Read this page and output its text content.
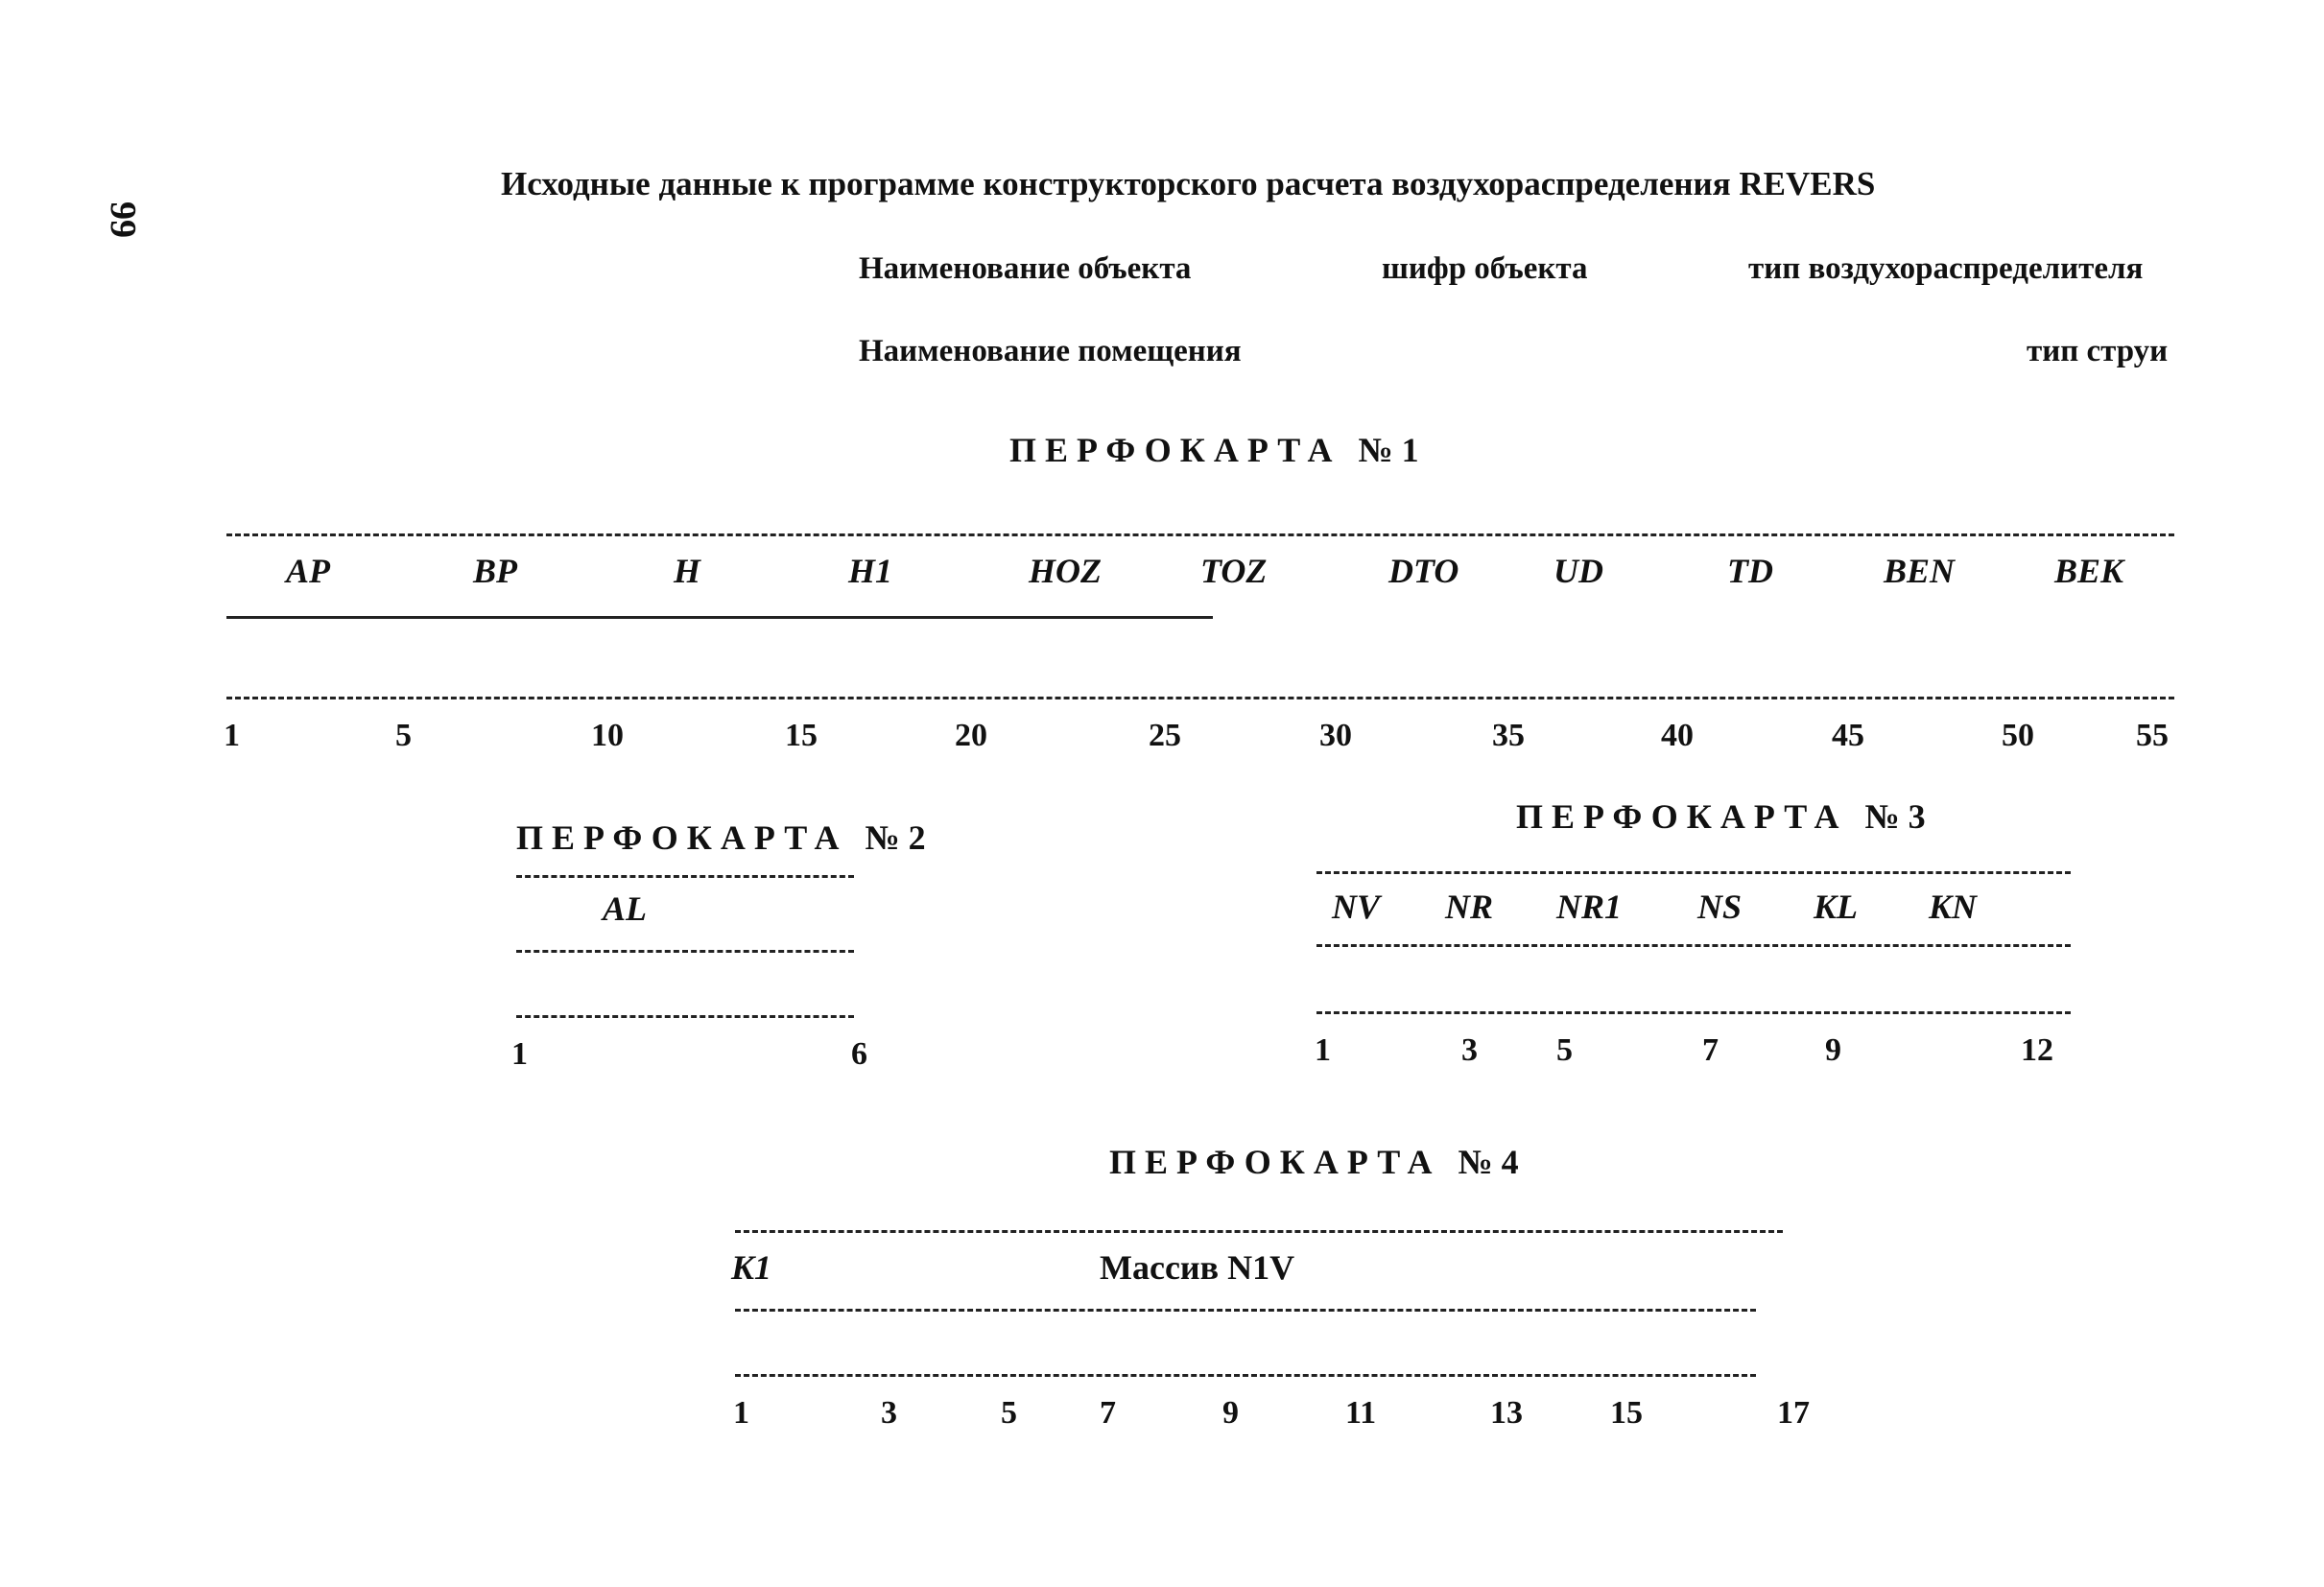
99
Исходные данные к программе конструкторского расчета воздухораспределения REVERS
Наименование объекта	шифр объекта	тип воздухораспределителя
Наименование помещения	тип струи
ПЕРФОКАРТА №1
AP	BP	H	H1	HOZ	TOZ	DTO	UD	TD	BEN	BEK
1	5	10	15	20	25	30	35	40	45	50	55
ПЕРФОКАРТА №2
AL
1	6
ПЕРФОКАРТА №3
NV NR NR1 NS KL KN
1	3 5	7	9	12
ПЕРФОКАРТА №4
K1	Массив N1V
1	3	5	7	9	11	13	15	17
